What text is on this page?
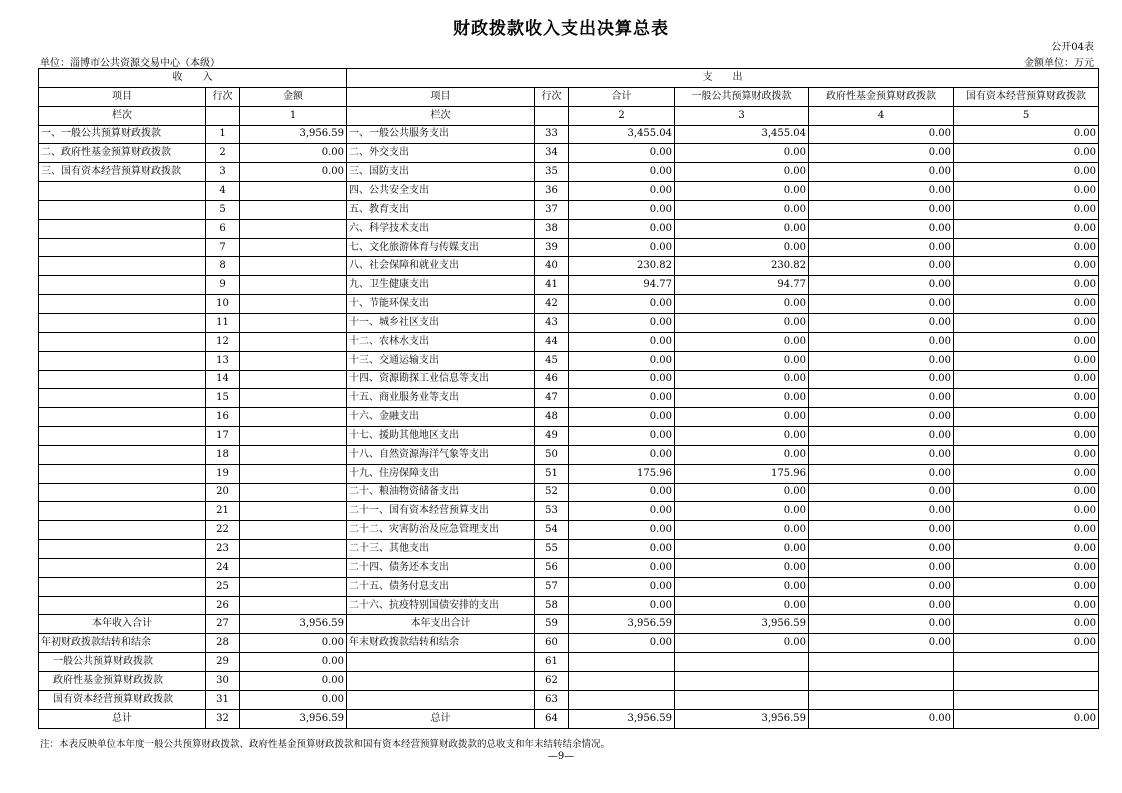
财政拨款收入支出决算总表
公开04表
单位：淄博市公共资源交易中心（本级）	金额单位：万元
收　　入			支　　出					
项目	行次	金额	项目	行次	合计	一般公共预算财政拨款	政府性基金预算财政拨款	国有资本经营预算财政拨款
栏次		1	栏次		2	3	4	5
一、一般公共预算财政拨款	1	3,956.59	一、一般公共服务支出	33	3,455.04	3,455.04	0.00	0.00
二、政府性基金预算财政拨款	2	0.00	二、外交支出	34	0.00	0.00	0.00	0.00
三、国有资本经营预算财政拨款	3	0.00	三、国防支出	35	0.00	0.00	0.00	0.00
	4		四、公共安全支出	36	0.00	0.00	0.00	0.00
	5		五、教育支出	37	0.00	0.00	0.00	0.00
	6		六、科学技术支出	38	0.00	0.00	0.00	0.00
	7		七、文化旅游体育与传媒支出	39	0.00	0.00	0.00	0.00
	8		八、社会保障和就业支出	40	230.82	230.82	0.00	0.00
	9		九、卫生健康支出	41	94.77	94.77	0.00	0.00
	10		十、节能环保支出	42	0.00	0.00	0.00	0.00
	11		十一、城乡社区支出	43	0.00	0.00	0.00	0.00
	12		十二、农林水支出	44	0.00	0.00	0.00	0.00
	13		十三、交通运输支出	45	0.00	0.00	0.00	0.00
	14		十四、资源勘探工业信息等支出	46	0.00	0.00	0.00	0.00
	15		十五、商业服务业等支出	47	0.00	0.00	0.00	0.00
	16		十六、金融支出	48	0.00	0.00	0.00	0.00
	17		十七、援助其他地区支出	49	0.00	0.00	0.00	0.00
	18		十八、自然资源海洋气象等支出	50	0.00	0.00	0.00	0.00
	19		十九、住房保障支出	51	175.96	175.96	0.00	0.00
	20		二十、粮油物资储备支出	52	0.00	0.00	0.00	0.00
	21		二十一、国有资本经营预算支出	53	0.00	0.00	0.00	0.00
	22		二十二、灾害防治及应急管理支出	54	0.00	0.00	0.00	0.00
	23		二十三、其他支出	55	0.00	0.00	0.00	0.00
	24		二十四、债务还本支出	56	0.00	0.00	0.00	0.00
	25		二十五、债务付息支出	57	0.00	0.00	0.00	0.00
	26		二十六、抗疫特别国债安排的支出	58	0.00	0.00	0.00	0.00
本年收入合计	27	3,956.59	本年支出合计	59	3,956.59	3,956.59	0.00	0.00
年初财政拨款结转和结余	28	0.00	年末财政拨款结转和结余	60	0.00	0.00	0.00	0.00
一般公共预算财政拨款	29	0.00		61				
政府性基金预算财政拨款	30	0.00		62				
国有资本经营预算财政拨款	31	0.00		63				
总计	32	3,956.59	总计	64	3,956.59	3,956.59	0.00	0.00
注：本表反映单位本年度一般公共预算财政拨款、政府性基金预算财政拨款和国有资本经营预算财政拨款的总收支和年末结转结余情况。
—9—
